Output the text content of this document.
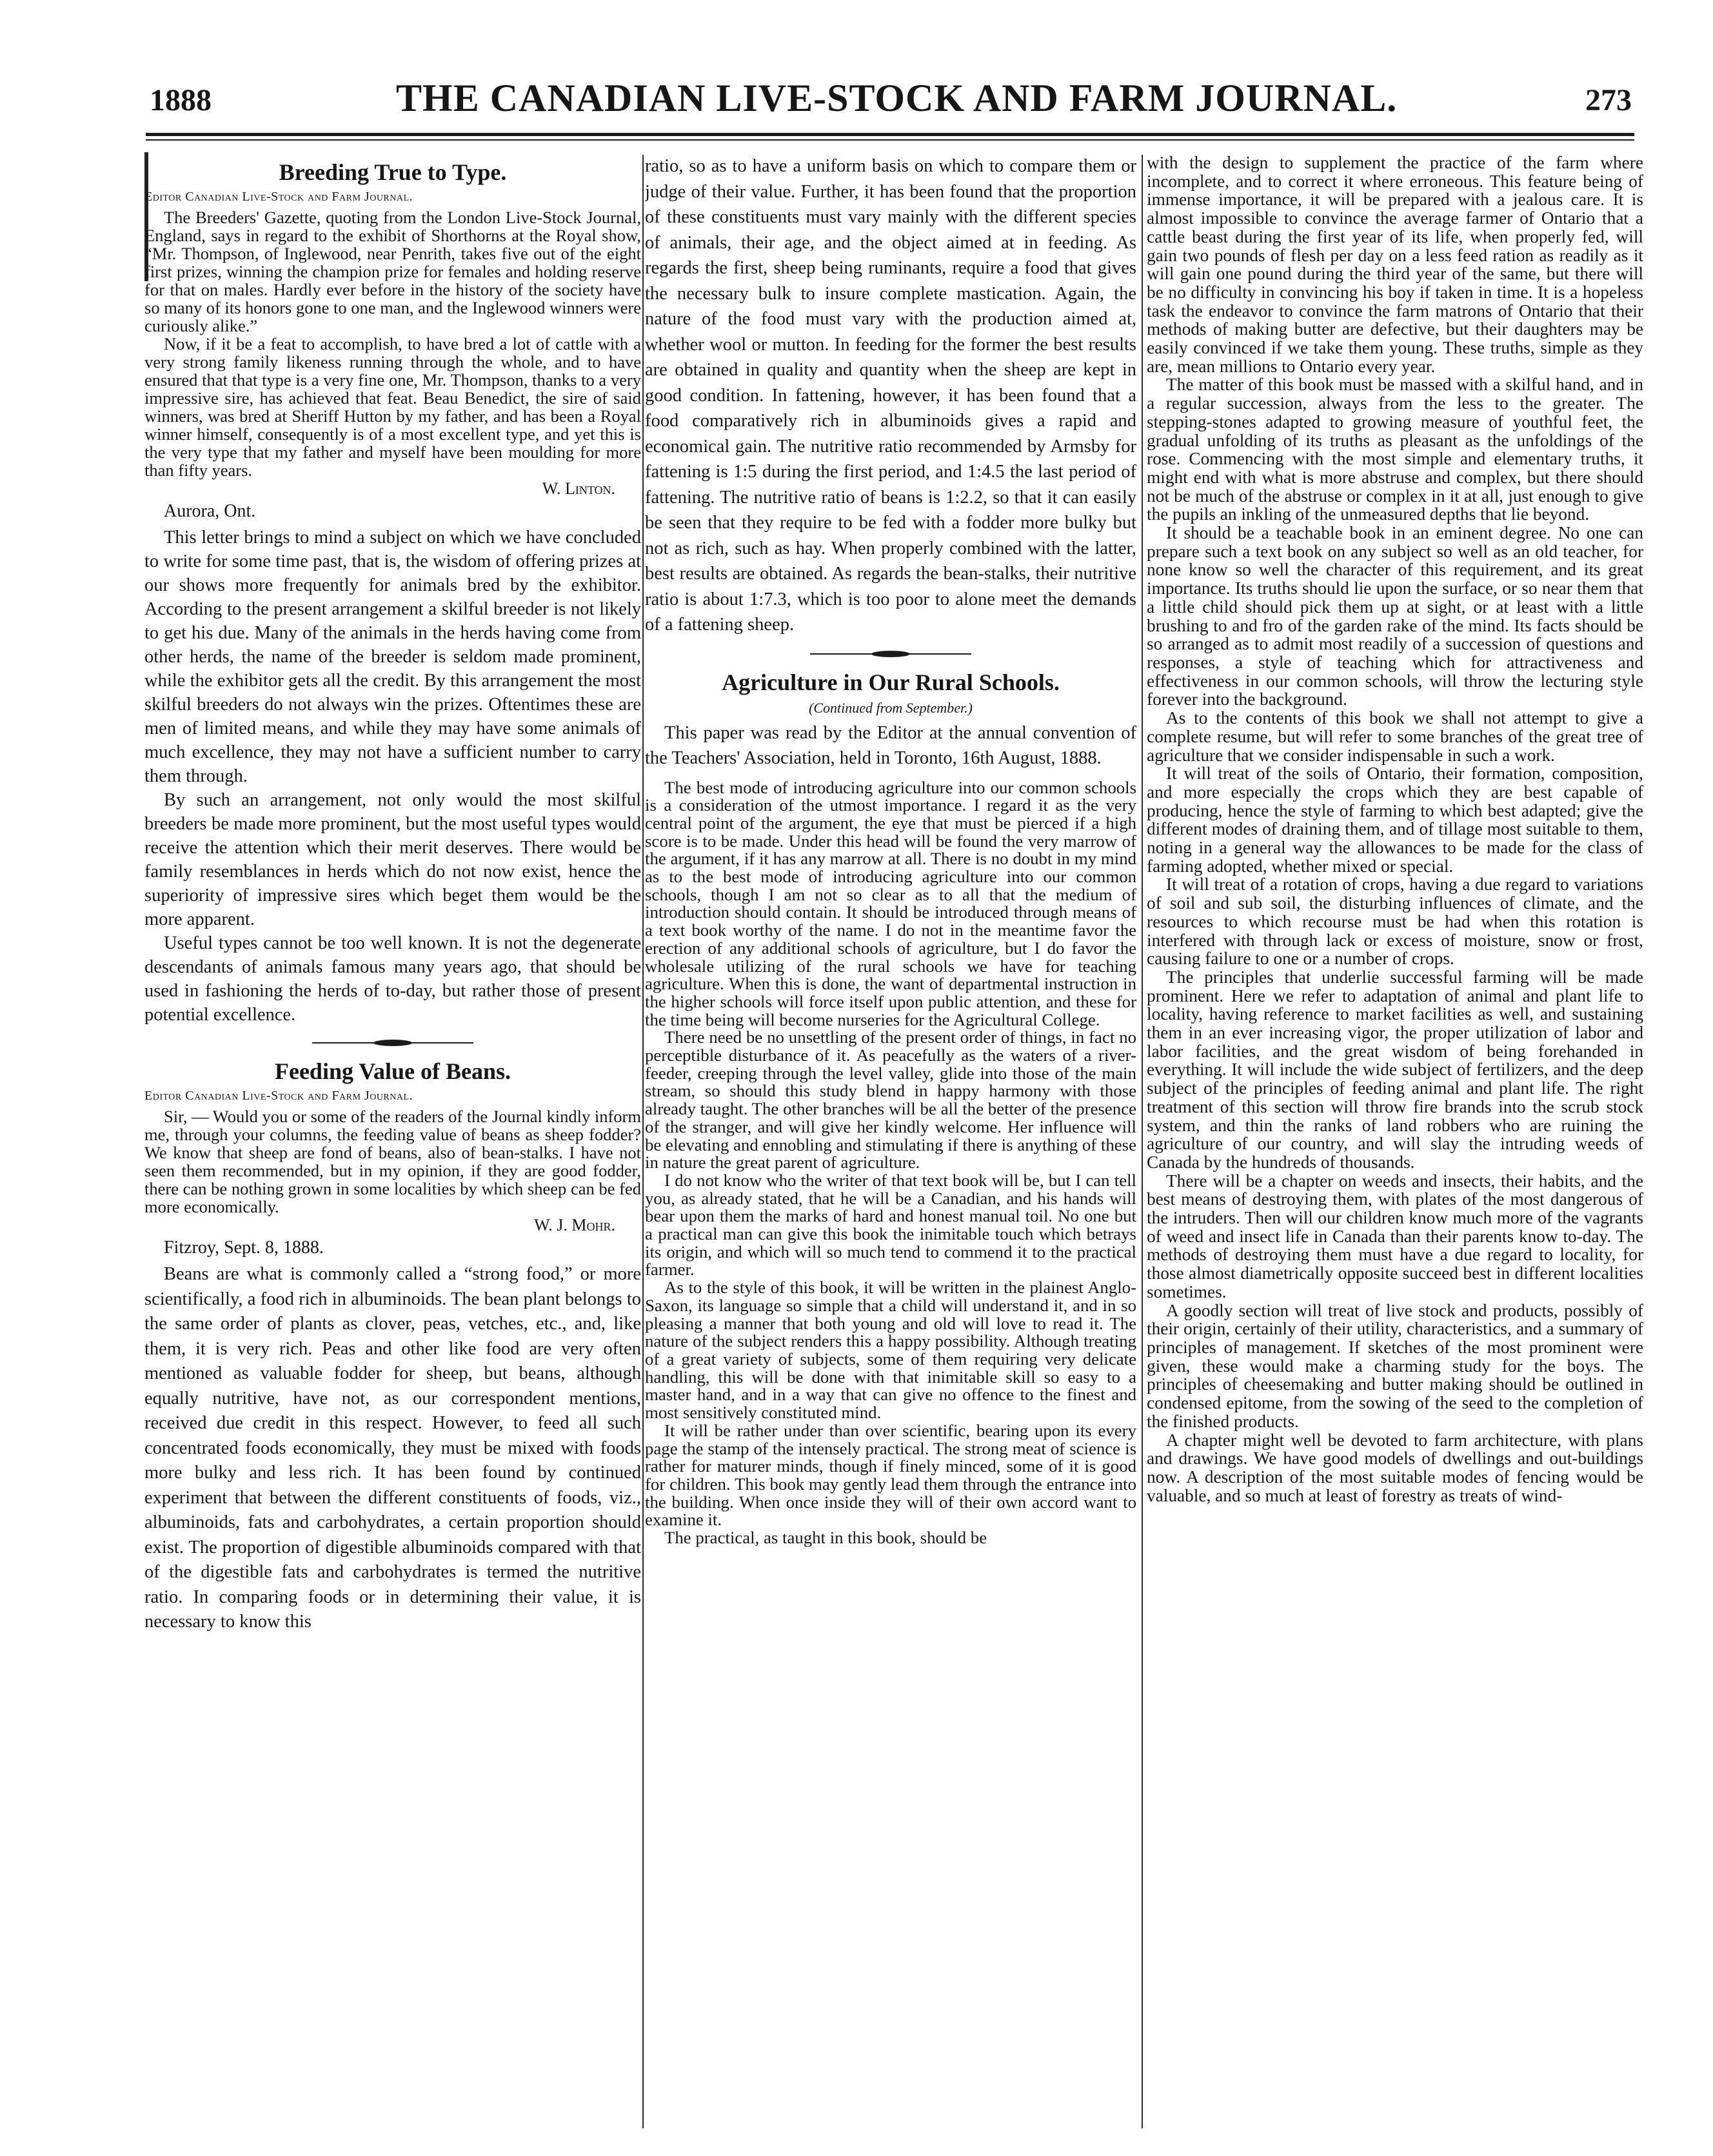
1888	THE CANADIAN LIVE-STOCK AND FARM JOURNAL.	273
Breeding True to Type.
Editor Canadian Live-Stock and Farm Journal.

The Breeders' Gazette, quoting from the London Live-Stock Journal, England, says in regard to the exhibit of Shorthorns at the Royal show, “Mr. Thompson, of Inglewood, near Penrith, takes five out of the eight first prizes, winning the champion prize for females and holding reserve for that on males. Hardly ever before in the history of the society have so many of its honors gone to one man, and the Inglewood winners were curiously alike.”

Now, if it be a feat to accomplish, to have bred a lot of cattle with a very strong family likeness running through the whole, and to have ensured that that type is a very fine one, Mr. Thompson, thanks to a very impressive sire, has achieved that feat. Beau Benedict, the sire of said winners, was bred at Sheriff Hutton by my father, and has been a Royal winner himself, consequently is of a most excellent type, and yet this is the very type that my father and myself have been moulding for more than fifty years.

W. Linton.
Aurora, Ont.

This letter brings to mind a subject on which we have concluded to write for some time past, that is, the wisdom of offering prizes at our shows more frequently for animals bred by the exhibitor. According to the present arrangement a skilful breeder is not likely to get his due. Many of the animals in the herds having come from other herds, the name of the breeder is seldom made prominent, while the exhibitor gets all the credit. By this arrangement the most skilful breeders do not always win the prizes. Oftentimes these are men of limited means, and while they may have some animals of much excellence, they may not have a sufficient number to carry them through.

By such an arrangement, not only would the most skilful breeders be made more prominent, but the most useful types would receive the attention which their merit deserves. There would be family resemblances in herds which do not now exist, hence the superiority of impressive sires which beget them would be the more apparent.

Useful types cannot be too well known. It is not the degenerate descendants of animals famous many years ago, that should be used in fashioning the herds of to-day, but rather those of present potential excellence.

Feeding Value of Beans.
Editor Canadian Live-Stock and Farm Journal.

Sir, — Would you or some of the readers of the Journal kindly inform me, through your columns, the feeding value of beans as sheep fodder? We know that sheep are fond of beans, also of bean-stalks. I have not seen them recommended, but in my opinion, if they are good fodder, there can be nothing grown in some localities by which sheep can be fed more economically.

W. J. Mohr.
Fitzroy, Sept. 8, 1888.

Beans are what is commonly called a “strong food,” or more scientifically, a food rich in albuminoids. The bean plant belongs to the same order of plants as clover, peas, vetches, etc., and, like them, it is very rich. Peas and other like food are very often mentioned as valuable fodder for sheep, but beans, although equally nutritive, have not, as our correspondent mentions, received due credit in this respect. However, to feed all such concentrated foods economically, they must be mixed with foods more bulky and less rich. It has been found by continued experiment that between the different constituents of foods, viz., albuminoids, fats and carbohydrates, a certain proportion should exist. The proportion of digestible albuminoids compared with that of the digestible fats and carbohydrates is termed the nutritive ratio. In comparing foods or in determining their value, it is necessary to know this

ratio, so as to have a uniform basis on which to compare them or judge of their value. Further, it has been found that the proportion of these constituents must vary mainly with the different species of animals, their age, and the object aimed at in feeding. As regards the first, sheep being ruminants, require a food that gives the necessary bulk to insure complete mastication. Again, the nature of the food must vary with the production aimed at, whether wool or mutton. In feeding for the former the best results are obtained in quality and quantity when the sheep are kept in good condition. In fattening, however, it has been found that a food comparatively rich in albuminoids gives a rapid and economical gain. The nutritive ratio recommended by Armsby for fattening is 1:5 during the first period, and 1:4.5 the last period of fattening. The nutritive ratio of beans is 1:2.2, so that it can easily be seen that they require to be fed with a fodder more bulky but not as rich, such as hay. When properly combined with the latter, best results are obtained. As regards the bean-stalks, their nutritive ratio is about 1:7.3, which is too poor to alone meet the demands of a fattening sheep.

Agriculture in Our Rural Schools.
(Continued from September.)

This paper was read by the Editor at the annual convention of the Teachers' Association, held in Toronto, 16th August, 1888.

The best mode of introducing agriculture into our common schools is a consideration of the utmost importance. I regard it as the very central point of the argument, the eye that must be pierced if a high score is to be made. Under this head will be found the very marrow of the argument, if it has any marrow at all. There is no doubt in my mind as to the best mode of introducing agriculture into our common schools, though I am not so clear as to all that the medium of introduction should contain. It should be introduced through means of a text book worthy of the name. I do not in the meantime favor the erection of any additional schools of agriculture, but I do favor the wholesale utilizing of the rural schools we have for teaching agriculture. When this is done, the want of departmental instruction in the higher schools will force itself upon public attention, and these for the time being will become nurseries for the Agricultural College.

There need be no unsettling of the present order of things, in fact no perceptible disturbance of it. As peacefully as the waters of a river-feeder, creeping through the level valley, glide into those of the main stream, so should this study blend in happy harmony with those already taught. The other branches will be all the better of the presence of the stranger, and will give her kindly welcome. Her influence will be elevating and ennobling and stimulating if there is anything of these in nature the great parent of agriculture.

I do not know who the writer of that text book will be, but I can tell you, as already stated, that he will be a Canadian, and his hands will bear upon them the marks of hard and honest manual toil. No one but a practical man can give this book the inimitable touch which betrays its origin, and which will so much tend to commend it to the practical farmer.

As to the style of this book, it will be written in the plainest Anglo-Saxon, its language so simple that a child will understand it, and in so pleasing a manner that both young and old will love to read it. The nature of the subject renders this a happy possibility. Although treating of a great variety of subjects, some of them requiring very delicate handling, this will be done with that inimitable skill so easy to a master hand, and in a way that can give no offence to the finest and most sensitively constituted mind.

It will be rather under than over scientific, bearing upon its every page the stamp of the intensely practical. The strong meat of science is rather for maturer minds, though if finely minced, some of it is good for children. This book may gently lead them through the entrance into the building. When once inside they will of their own accord want to examine it.

The practical, as taught in this book, should be

with the design to supplement the practice of the farm where incomplete, and to correct it where erroneous. This feature being of immense importance, it will be prepared with a jealous care. It is almost impossible to convince the average farmer of Ontario that a cattle beast during the first year of its life, when properly fed, will gain two pounds of flesh per day on a less feed ration as readily as it will gain one pound during the third year of the same, but there will be no difficulty in convincing his boy if taken in time. It is a hopeless task the endeavor to convince the farm matrons of Ontario that their methods of making butter are defective, but their daughters may be easily convinced if we take them young. These truths, simple as they are, mean millions to Ontario every year.

The matter of this book must be massed with a skilful hand, and in a regular succession, always from the less to the greater. The stepping-stones adapted to growing measure of youthful feet, the gradual unfolding of its truths as pleasant as the unfoldings of the rose. Commencing with the most simple and elementary truths, it might end with what is more abstruse and complex, but there should not be much of the abstruse or complex in it at all, just enough to give the pupils an inkling of the unmeasured depths that lie beyond.

It should be a teachable book in an eminent degree. No one can prepare such a text book on any subject so well as an old teacher, for none know so well the character of this requirement, and its great importance. Its truths should lie upon the surface, or so near them that a little child should pick them up at sight, or at least with a little brushing to and fro of the garden rake of the mind. Its facts should be so arranged as to admit most readily of a succession of questions and responses, a style of teaching which for attractiveness and effectiveness in our common schools, will throw the lecturing style forever into the background.

As to the contents of this book we shall not attempt to give a complete resume, but will refer to some branches of the great tree of agriculture that we consider indispensable in such a work.

It will treat of the soils of Ontario, their formation, composition, and more especially the crops which they are best capable of producing, hence the style of farming to which best adapted; give the different modes of draining them, and of tillage most suitable to them, noting in a general way the allowances to be made for the class of farming adopted, whether mixed or special.

It will treat of a rotation of crops, having a due regard to variations of soil and sub soil, the disturbing influences of climate, and the resources to which recourse must be had when this rotation is interfered with through lack or excess of moisture, snow or frost, causing failure to one or a number of crops.

The principles that underlie successful farming will be made prominent. Here we refer to adaptation of animal and plant life to locality, having reference to market facilities as well, and sustaining them in an ever increasing vigor, the proper utilization of labor and labor facilities, and the great wisdom of being forehanded in everything. It will include the wide subject of fertilizers, and the deep subject of the principles of feeding animal and plant life. The right treatment of this section will throw fire brands into the scrub stock system, and thin the ranks of land robbers who are ruining the agriculture of our country, and will slay the intruding weeds of Canada by the hundreds of thousands.

There will be a chapter on weeds and insects, their habits, and the best means of destroying them, with plates of the most dangerous of the intruders. Then will our children know much more of the vagrants of weed and insect life in Canada than their parents know to-day. The methods of destroying them must have a due regard to locality, for those almost diametrically opposite succeed best in different localities sometimes.

A goodly section will treat of live stock and products, possibly of their origin, certainly of their utility, characteristics, and a summary of principles of management. If sketches of the most prominent were given, these would make a charming study for the boys. The principles of cheesemaking and butter making should be outlined in condensed epitome, from the sowing of the seed to the completion of the finished products.

A chapter might well be devoted to farm architecture, with plans and drawings. We have good models of dwellings and out-buildings now. A description of the most suitable modes of fencing would be valuable, and so much at least of forestry as treats of wind-
